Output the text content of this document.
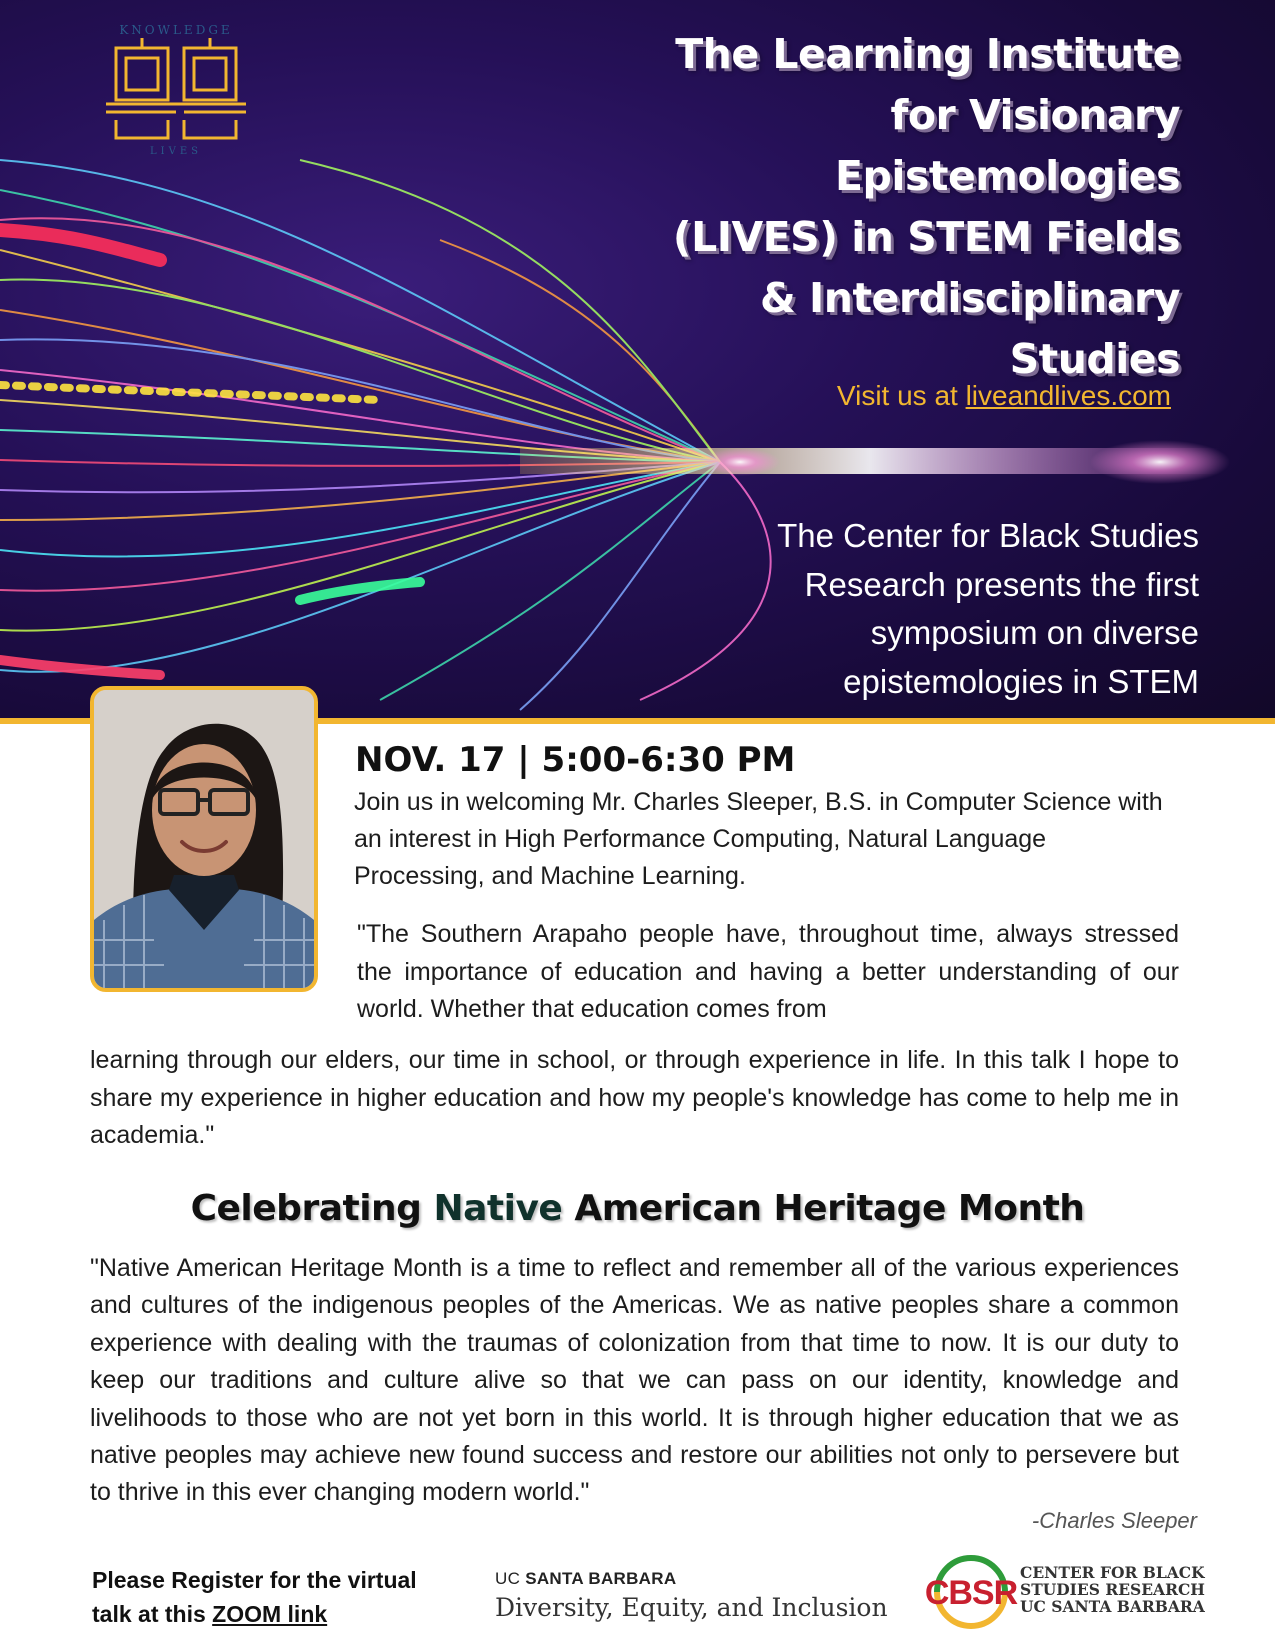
KNOWLEDGE
LIVES
The Learning Institute
for Visionary
Epistemologies
(LIVES) in STEM Fields
& Interdisciplinary
Studies
Visit us at liveandlives.com
The Center for Black Studies
Research presents the first
symposium on diverse
epistemologies in STEM
NOV. 17 | 5:00-6:30 PM
Join us in welcoming Mr. Charles Sleeper, B.S. in Computer Science with an interest in High Performance Computing, Natural Language Processing, and Machine Learning.
"The Southern Arapaho people have, throughout time, always stressed the importance of education and having a better understanding of our world. Whether that education comes from
learning through our elders, our time in school, or through experience in life. In this talk I hope to share my experience in higher education and how my people's knowledge has come to help me in academia."
Celebrating Native American Heritage Month
"Native American Heritage Month is a time to reflect and remember all of the various experiences and cultures of the indigenous peoples of the Americas. We as native peoples share a common experience with dealing with the traumas of colonization from that time to now. It is our duty to keep our traditions and culture alive so that we can pass on our identity, knowledge and livelihoods to those who are not yet born in this world. It is through higher education that we as native peoples may achieve new found success and restore our abilities not only to persevere but to thrive in this ever changing modern world."
-Charles Sleeper
Please Register for the virtual
talk at this ZOOM link
UC SANTA BARBARA
Diversity, Equity, and Inclusion CBSR
CENTER FOR BLACK
STUDIES RESEARCH
UC SANTA BARBARA
